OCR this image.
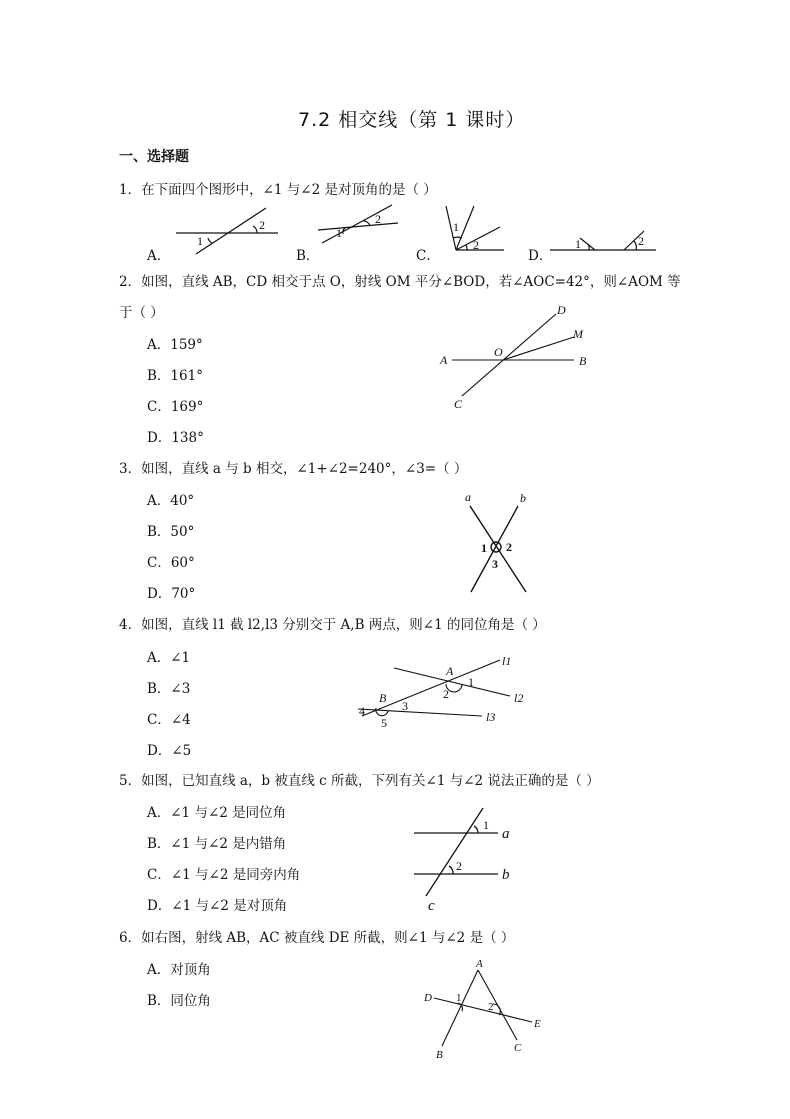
7.2 相交线（第 1 课时）
一、选择题
1．在下面四个图形中，∠1 与∠2 是对顶角的是（ ）
A．	B．	C．	D．
1
2
1
2
1
2	1	2
2．如图，直线 AB，CD 相交于点 O，射线 OM 平分∠BOD，若∠AOC=42°，则∠AOM 等
于（ ）
A．159°
B．161°
C．169°
D．138°
A	B
C
D
M
O
3．如图，直线 a 与 b 相交，∠1+∠2=240°，∠3=（ ）
A．40°
B．50°
C．60°
D．70°
a	b
1 2
3
4．如图，直线 l1 截 l2,l3 分别交于 A,B 两点，则∠1 的同位角是（ ）
A．∠1
B．∠3
C．∠4
D．∠5
A
B
l1
l2
l3
1
2
3
4
5
5．如图，已知直线 a，b 被直线 c 所截，下列有关∠1 与∠2 说法正确的是（ ）
A．∠1 与∠2 是同位角
B．∠1 与∠2 是内错角
C．∠1 与∠2 是同旁内角
D．∠1 与∠2 是对顶角
1
2
a
b
c
6．如右图，射线 AB，AC 被直线 DE 所截，则∠1 与∠2 是（ ）
A．对顶角
B．同位角
A
B
C
D
E
1
2
